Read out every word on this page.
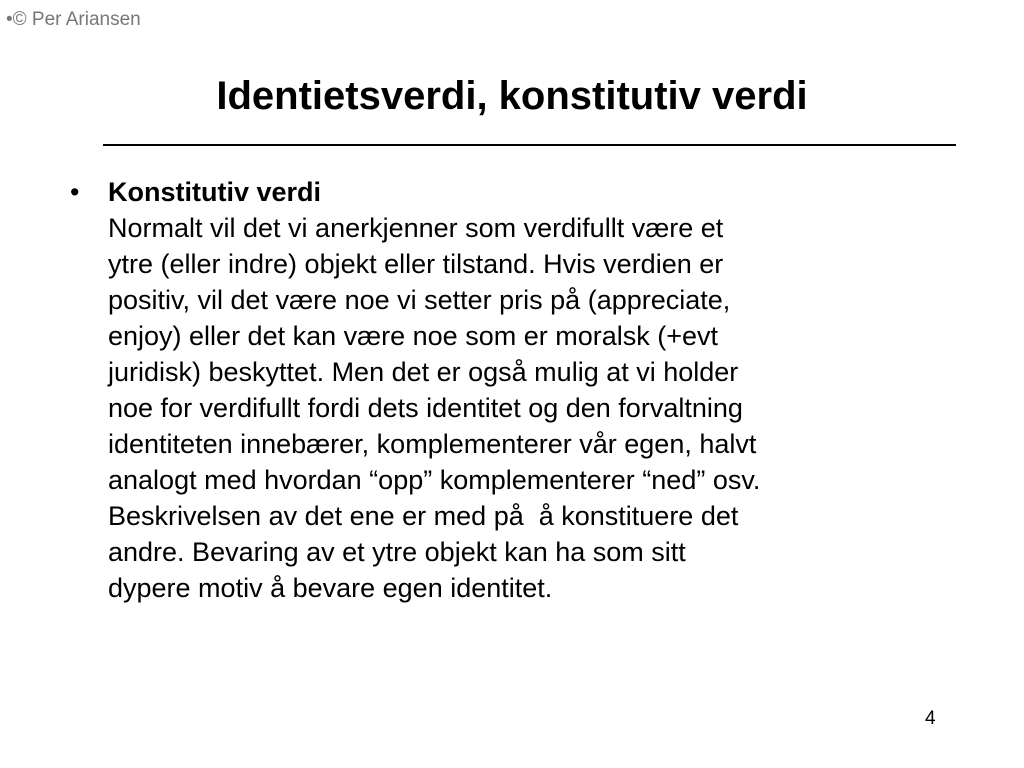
•© Per Ariansen
Identietsverdi, konstitutiv verdi
• Konstitutiv verdi
Normalt vil det vi anerkjenner som verdifullt være et
ytre (eller indre) objekt eller tilstand. Hvis verdien er
positiv, vil det være noe vi setter pris på (appreciate,
enjoy) eller det kan være noe som er moralsk (+evt
juridisk) beskyttet. Men det er også mulig at vi holder
noe for verdifullt fordi dets identitet og den forvaltning
identiteten innebærer, komplementerer vår egen, halvt
analogt med hvordan “opp” komplementerer “ned” osv.
Beskrivelsen av det ene er med på  å konstituere det
andre. Bevaring av et ytre objekt kan ha som sitt
dypere motiv å bevare egen identitet.
4
